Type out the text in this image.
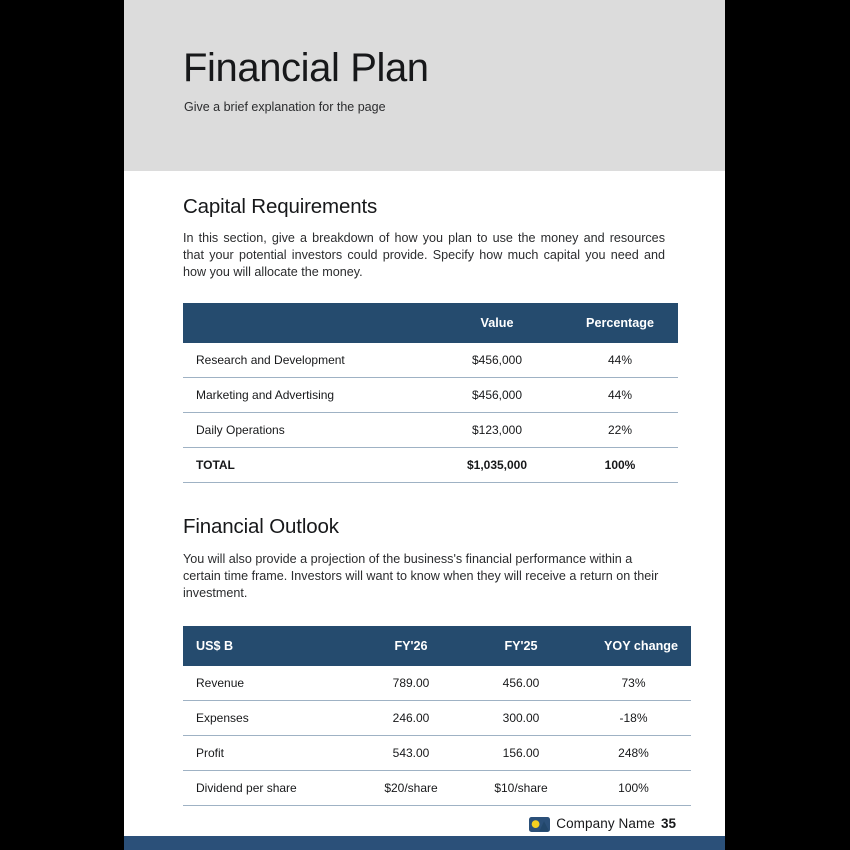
Financial Plan
Give a brief explanation for the page
Capital Requirements

In this section, give a breakdown of how you plan to use the money and resources that your potential investors could provide. Specify how much capital you need and how you will allocate the money.

	Value	Percentage
Research and Development	$456,000	44%
Marketing and Advertising	$456,000	44%
Daily Operations	$123,000	22%
TOTAL	$1,035,000	100%
Financial Outlook

You will also provide a projection of the business's financial performance within a certain time frame. Investors will want to know when they will receive a return on their investment.

US$ B	FY'26	FY'25	YOY change
Revenue	789.00	456.00	73%
Expenses	246.00	300.00	-18%
Profit	543.00	156.00	248%
Dividend per share	$20/share	$10/share	100%
Company Name 35
